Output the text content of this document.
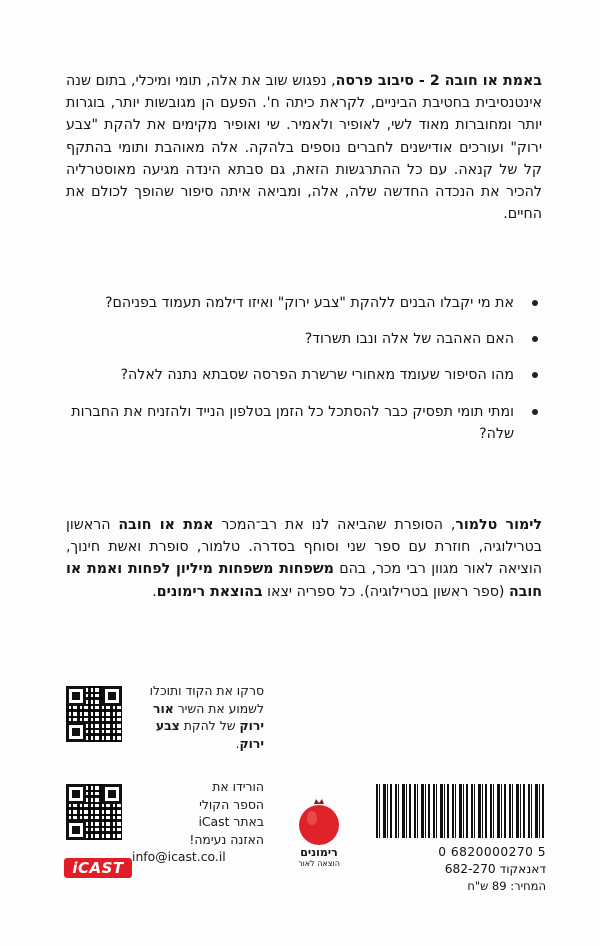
באמת או חובה 2 - סיבוב פרסה, נפגוש שוב את אלה, תומי ומיכלי, בתום שנה אינטנסיבית בחטיבת הביניים, לקראת כיתה ח'. הפעם הן מגובשות יותר, בוגרות יותר ומחוברות מאוד לשי, לאופיר ולאמיר. שי ואופיר מקימים את להקת "צבע ירוק" ועורכים אודישנים לחברים נוספים בלהקה. אלה מאוהבת ותומי בהתקף קל של קנאה. עם כל ההתרגשות הזאת, גם סבתא הינדה מגיעה מאוסטרליה להכיר את הנכדה החדשה שלה, אלה, ומביאה איתה סיפור שהופך לכולם את החיים.

את מי יקבלו הבנים ללהקת "צבע ירוק" ואיזו דילמה תעמוד בפניהם?
האם האהבה של אלה ונבו תשרוד?
מהו הסיפור שעומד מאחורי שרשרת הפרסה שסבתא נתנה לאלה?
ומתי תומי תפסיק כבר להסתכל כל הזמן בטלפון הנייד ולהזניח את החברות שלה?

לימור טלמור, הסופרת שהביאה לנו את רב־המכר אמת או חובה הראשון בטרילוגיה, חוזרת עם ספר שני וסוחף בסדרה. טלמור, סופרת ואשת חינוך, הוציאה לאור מגוון רבי מכר, בהם משפחות משפחות מיליון לפחות ואמת או חובה (ספר ראשון בטרילוגיה). כל ספריה יצאו בהוצאת רימונים.

סרקו את הקוד ותוכלו לשמוע את השיר אור ירוק של להקת צבע ירוק.
הורידו את
הספר הקולי
באתר iCast
האזנה נעימה!
info@icast.co.il
iCAST
רימונים
הוצאה לאור
0 6820000270 5
דאנאקוד 682-270
המחיר: 89 ש"ח
